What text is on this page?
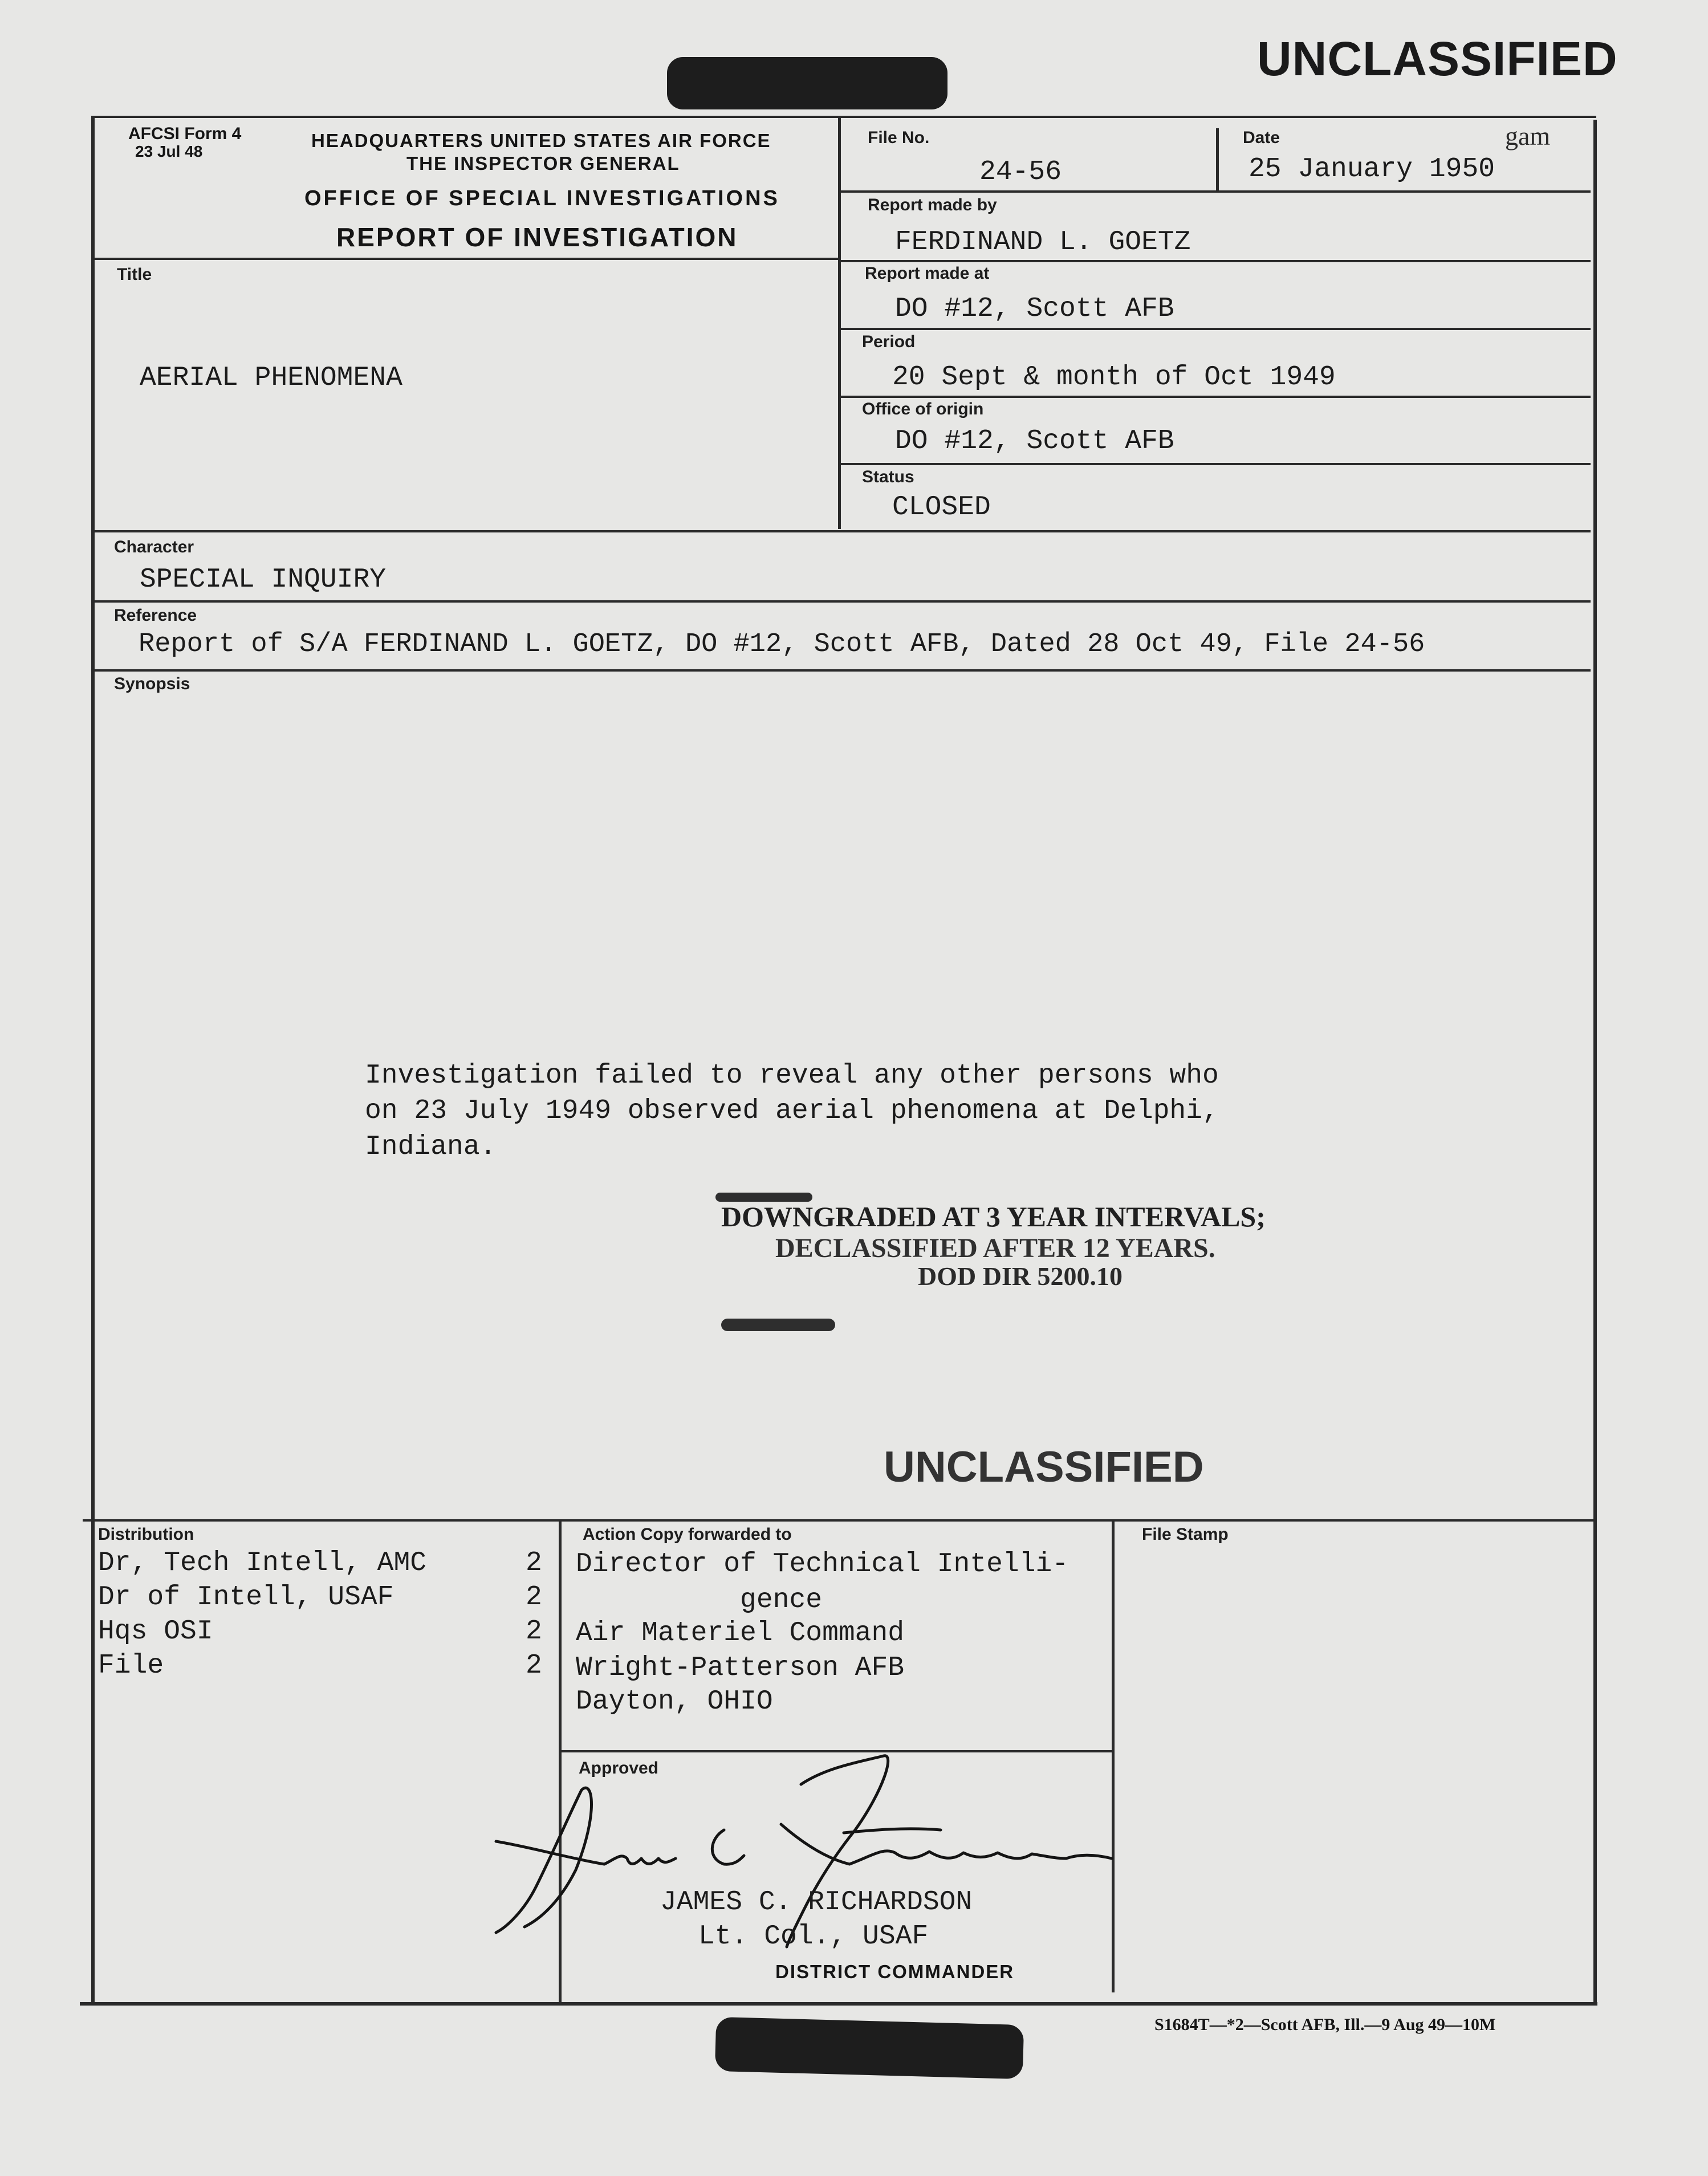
UNCLASSIFIED
AFCSI Form 4
23 Jul 48
HEADQUARTERS UNITED STATES AIR FORCE
THE INSPECTOR GENERAL
OFFICE OF SPECIAL INVESTIGATIONS
REPORT OF INVESTIGATION
File No.
24-56
Date	gam
25 January 1950
Report made by
FERDINAND L. GOETZ
Report made at
DO #12, Scott AFB
Period
20 Sept & month of Oct 1949
Office of origin
DO #12, Scott AFB
Status
CLOSED
Title
AERIAL PHENOMENA
Character
SPECIAL INQUIRY
Reference
Report of S/A FERDINAND L. GOETZ, DO #12, Scott AFB, Dated 28 Oct 49, File 24-56
Synopsis
Investigation failed to reveal any other persons who
on 23 July 1949 observed aerial phenomena at Delphi,
Indiana.
DOWNGRADED AT 3 YEAR INTERVALS;
DECLASSIFIED AFTER 12 YEARS.
DOD DIR 5200.10
UNCLASSIFIED
Distribution
Dr, Tech Intell, AMC	2
Dr of Intell, USAF	2
Hqs OSI	2
File	2
Action Copy forwarded to
Director of Technical Intelli-
gence
Air Materiel Command
Wright-Patterson AFB
Dayton, OHIO
File Stamp
Approved
JAMES C. RICHARDSON
Lt. Col., USAF
DISTRICT COMMANDER
S1684T—*2—Scott AFB, Ill.—9 Aug 49—10M
